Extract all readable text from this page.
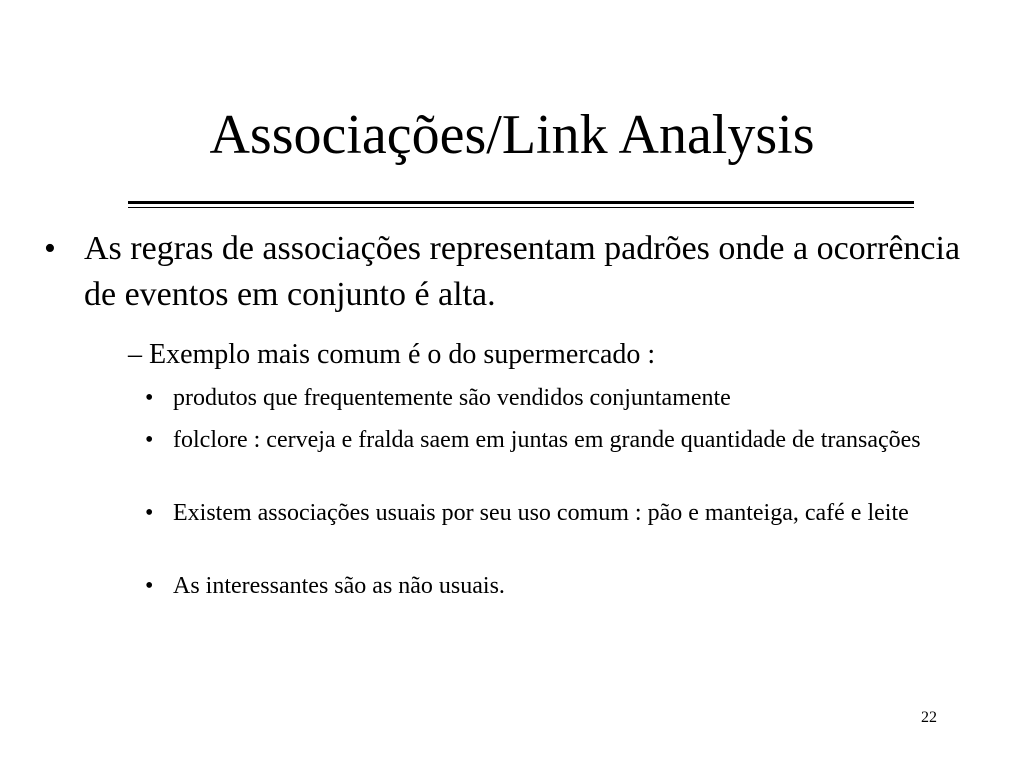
Associações/Link Analysis
• As regras de associações representam padrões onde a ocorrência de eventos em conjunto é alta.
– Exemplo mais comum é o do supermercado :
• produtos que frequentemente são vendidos conjuntamente
• folclore : cerveja e fralda saem em juntas em grande quantidade de transações
• Existem associações usuais por seu uso comum : pão e manteiga, café e leite
• As interessantes são as não usuais.
22
